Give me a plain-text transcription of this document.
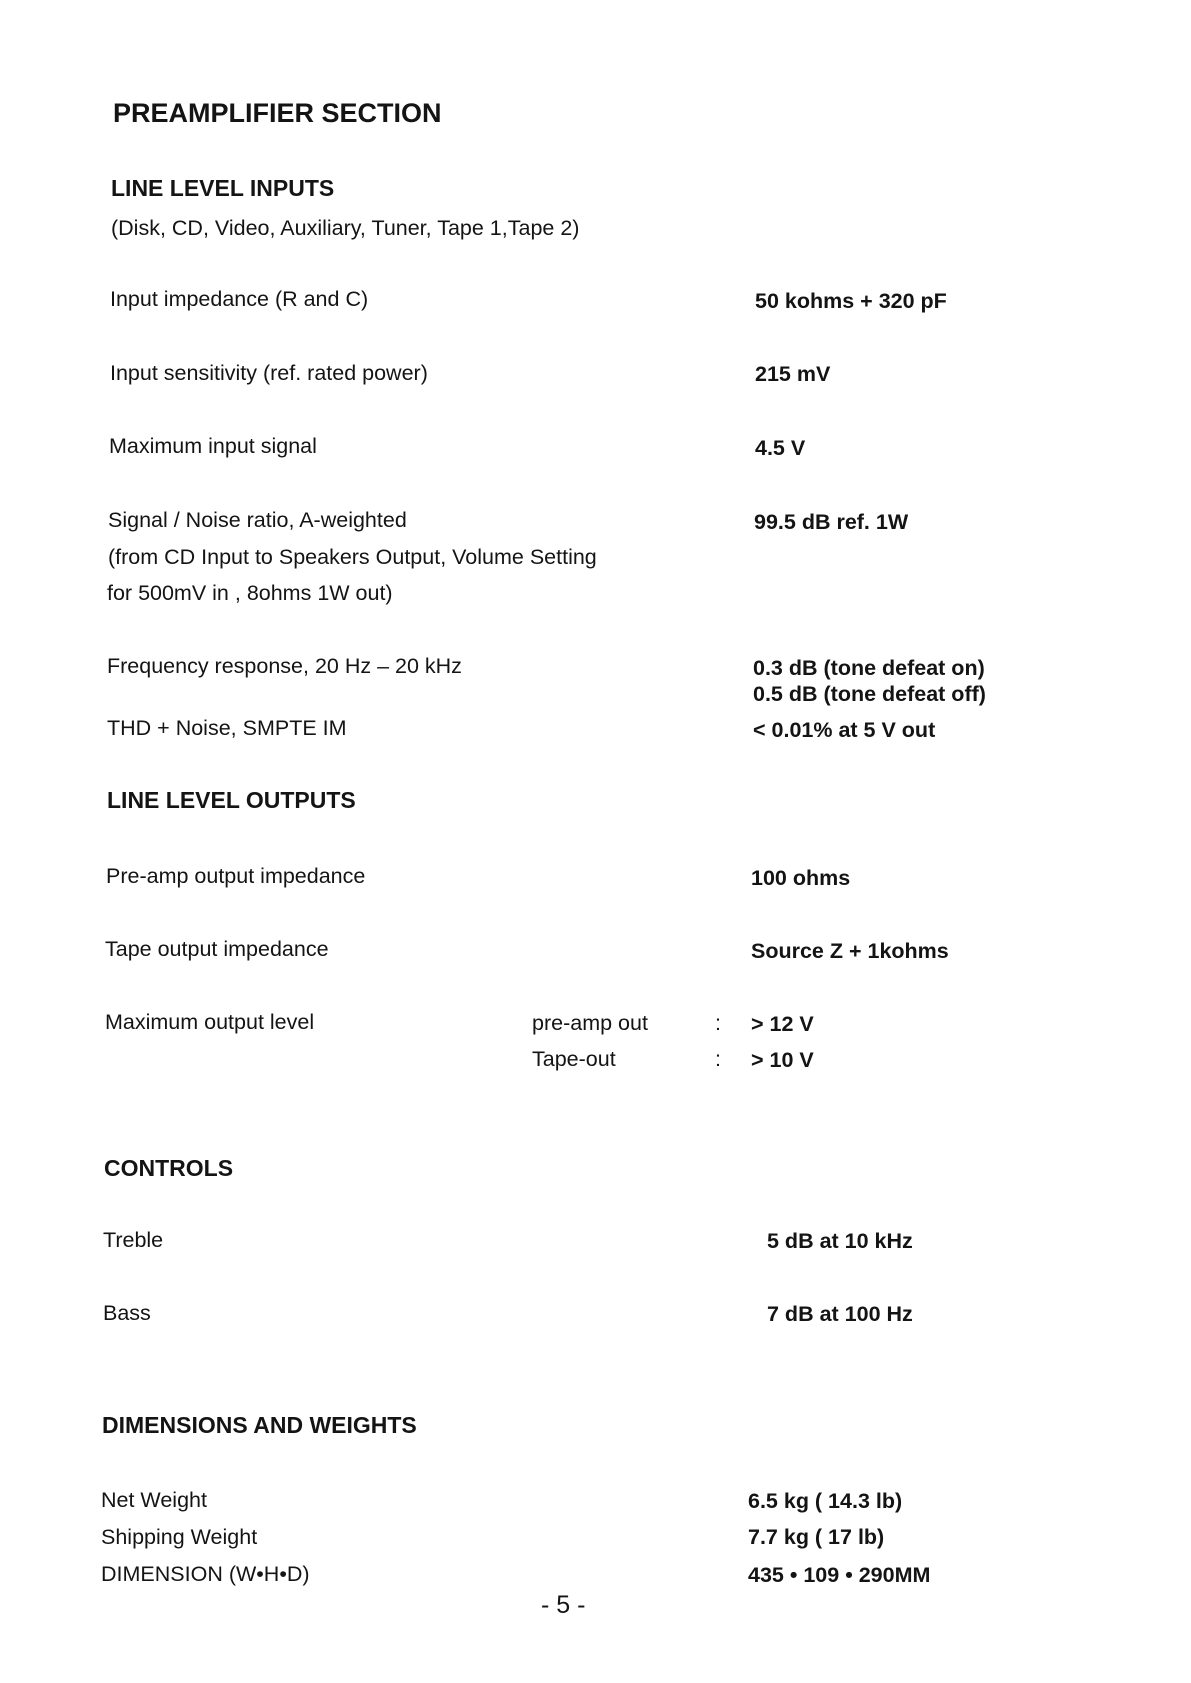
PREAMPLIFIER SECTION
LINE LEVEL INPUTS
(Disk, CD, Video, Auxiliary, Tuner, Tape 1,Tape 2)
Input impedance (R and C)	50 kohms + 320 pF
Input sensitivity (ref. rated power)	215 mV
Maximum input signal	4.5 V
Signal / Noise ratio, A-weighted	99.5 dB ref. 1W
(from CD Input to Speakers Output, Volume Setting
for 500mV in , 8ohms 1W out)
Frequency response, 20 Hz – 20 kHz	0.3 dB (tone defeat on)
0.5 dB (tone defeat off)
THD + Noise, SMPTE IM	< 0.01% at 5 V out
LINE LEVEL OUTPUTS
Pre-amp output impedance	100 ohms
Tape output impedance	Source Z + 1kohms
Maximum output level	pre-amp out	: > 12 V
Tape-out	: > 10 V
CONTROLS
Treble	5 dB at 10 kHz
Bass	7 dB at 100 Hz
DIMENSIONS AND WEIGHTS
Net Weight	6.5 kg ( 14.3 lb)
Shipping Weight	7.7 kg ( 17 lb)
DIMENSION (W•H•D)	435 • 109 • 290MM
- 5 -
